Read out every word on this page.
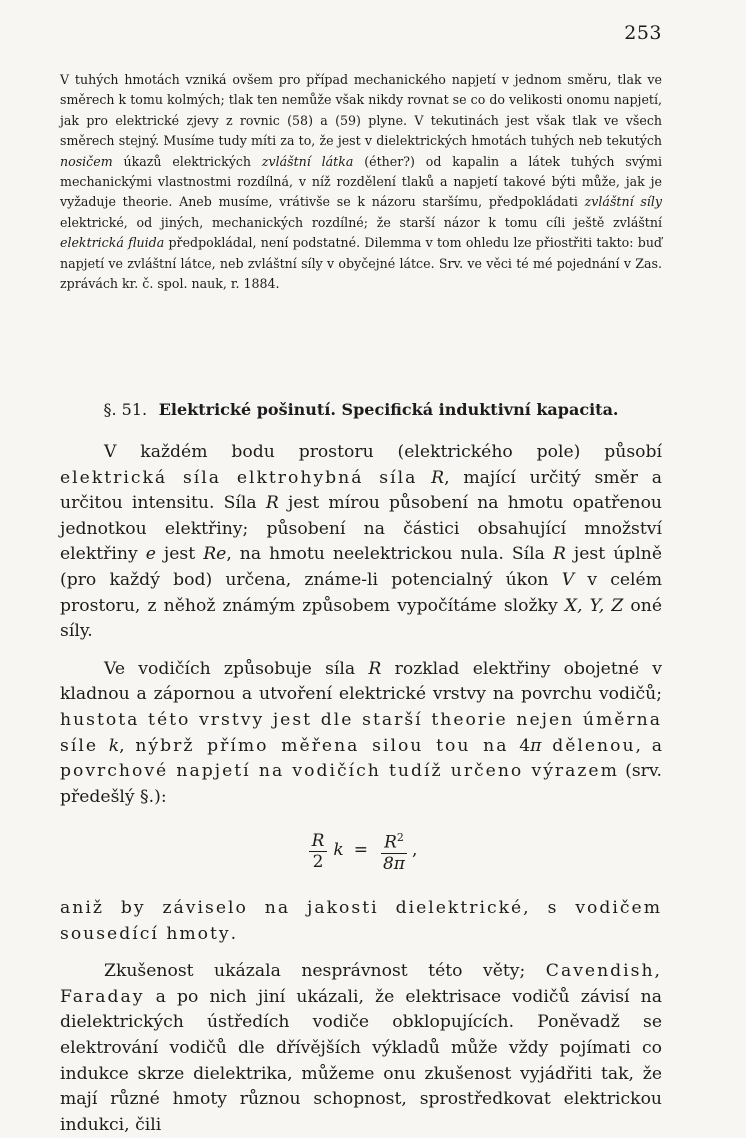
253

V tuhých hmotách vzniká ovšem pro případ mechanického napjetí v jednom směru, tlak ve směrech k tomu kolmých; tlak ten nemůže však nikdy rovnat se co do velikosti onomu napjetí, jak pro elektrické zjevy z rovnic (58) a (59) plyne. V tekutinách jest však tlak ve všech směrech stejný. Musíme tudy míti za to, že jest v dielektrických hmotách tuhých neb tekutých nosičem úkazů elektrických zvláštní látka (éther?) od kapalin a látek tuhých svými mechanickými vlastnostmi rozdílná, v níž rozdělení tlaků a napjetí takové býti může, jak je vyžaduje theorie. Aneb musíme, vrátivše se k názoru staršímu, předpokládati zvláštní síly elektrické, od jiných, mechanických rozdílné; že starší názor k tomu cíli ještě zvláštní elektrická fluida předpokládal, není podstatné. Dilemma v tom ohledu lze přiostřiti takto: buď napjetí ve zvláštní látce, neb zvláštní síly v obyčejné látce. Srv. ve věci té mé pojednání v Zas. zprávách kr. č. spol. nauk, r. 1884.

§. 51. Elektrické pošinutí. Specifická induktivní kapacita.

V každém bodu prostoru (elektrického pole) působí elektrická síla elktrohybná síla R, mající určitý směr a určitou intensitu. Síla R jest mírou působení na hmotu opatřenou jednotkou elektřiny; působení na částici obsahující množství elektřiny e jest Re, na hmotu neelektrickou nula. Síla R jest úplně (pro každý bod) určena, známe-li potencialný úkon V v celém prostoru, z něhož známým způsobem vypočítáme složky X, Y, Z oné síly.

Ve vodičích způsobuje síla R rozklad elektřiny obojetné v kladnou a zápornou a utvoření elektrické vrstvy na povrchu vodičů; hustota této vrstvy jest dle starší theorie nejen úměrna síle k, nýbrž přímo měřena silou tou na 4π dělenou, a povrchové napjetí na vodičích tudíž určeno výrazem (srv. předešlý §.):

$\frac{R}{2}$ $k = \frac{R^2}{8\pi}$ ,

aniž by záviselo na jakosti dielektrické, s vodičem sousedící hmoty.

Zkušenost ukázala nesprávnost této věty; Cavendish, Faraday a po nich jiní ukázali, že elektrisace vodičů závisí na dielektrických ústředích vodiče obklopujících. Poněvadž se elektrování vodičů dle dřívějších výkladů může vždy pojímati co indukce skrze dielektrika, můžeme onu zkušenost vyjádřiti tak, že mají různé hmoty různou schopnost, sprostředkovat elektrickou indukci, čili
